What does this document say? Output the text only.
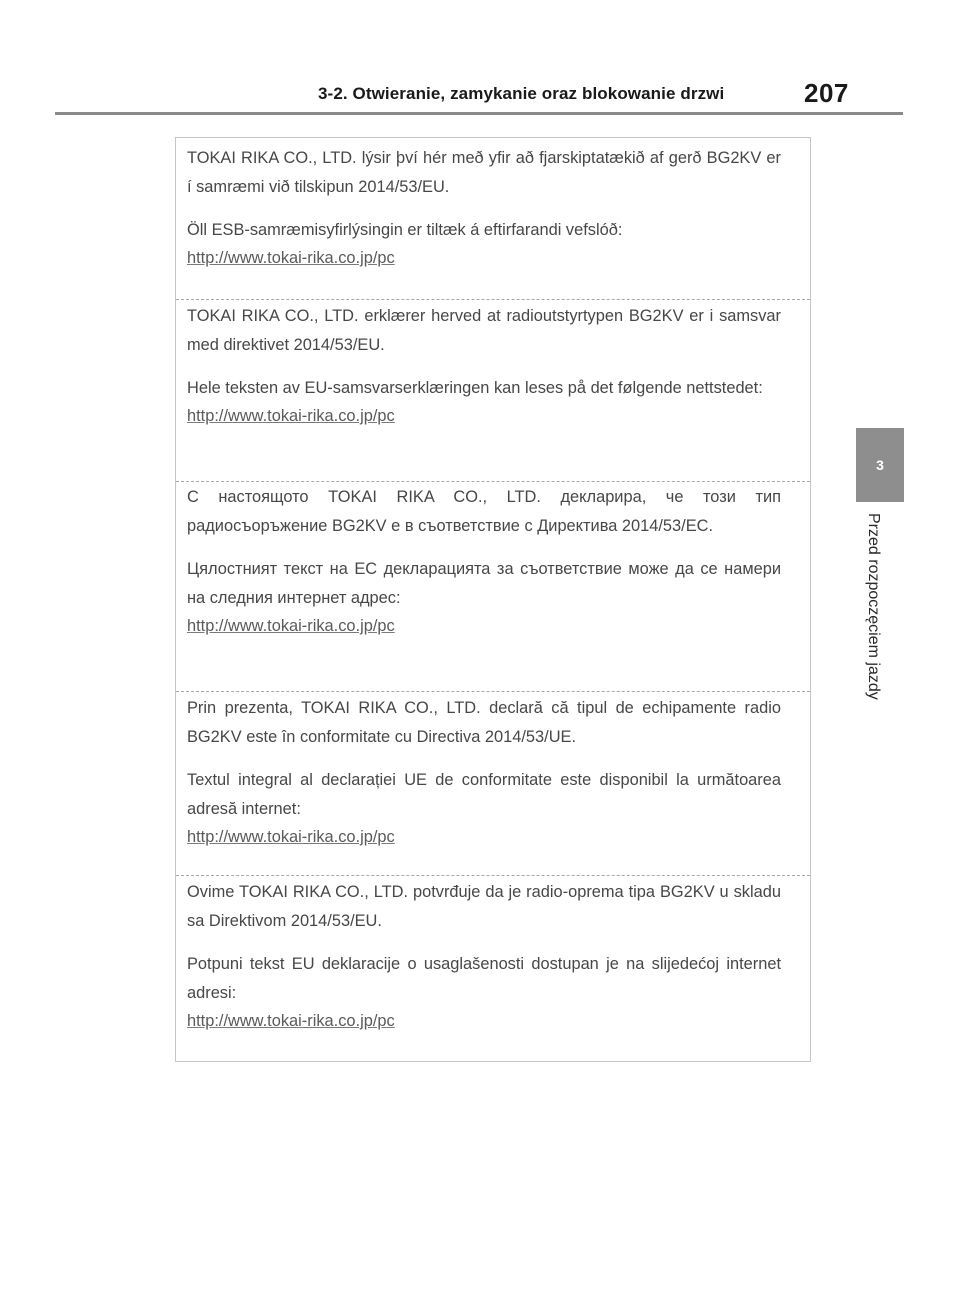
3-2. Otwieranie, zamykanie oraz blokowanie drzwi	207
3
Przed rozpoczęciem jazdy

TOKAI RIKA CO., LTD. lýsir því hér með yfir að fjarskiptatækið af gerð BG2KV er í samræmi við tilskipun 2014/53/EU.

Öll ESB-samræmisyfirlýsingin er tiltæk á eftirfarandi vefslóð:

http://www.tokai-rika.co.jp/pc

TOKAI RIKA CO., LTD. erklærer herved at radioutstyrtypen BG2KV er i samsvar med direktivet 2014/53/EU.

Hele teksten av EU-samsvarserklæringen kan leses på det følgende nettstedet:

http://www.tokai-rika.co.jp/pc

С настоящото TOKAI RIKA CO., LTD. декларира, че този тип радиосъоръжение BG2KV е в съответствие с Директива 2014/53/ЕС.

Цялостният текст на ЕС декларацията за съответствие може да се намери на следния интернет адрес:

http://www.tokai-rika.co.jp/pc

Prin prezenta, TOKAI RIKA CO., LTD. declară că tipul de echipamente radio BG2KV este în conformitate cu Directiva 2014/53/UE.

Textul integral al declarației UE de conformitate este disponibil la următoarea adresă internet:

http://www.tokai-rika.co.jp/pc

Ovime TOKAI RIKA CO., LTD. potvrđuje da je radio-oprema tipa BG2KV u skladu sa Direktivom 2014/53/EU.

Potpuni tekst EU deklaracije o usaglašenosti dostupan je na slijedećoj internet adresi:

http://www.tokai-rika.co.jp/pc
